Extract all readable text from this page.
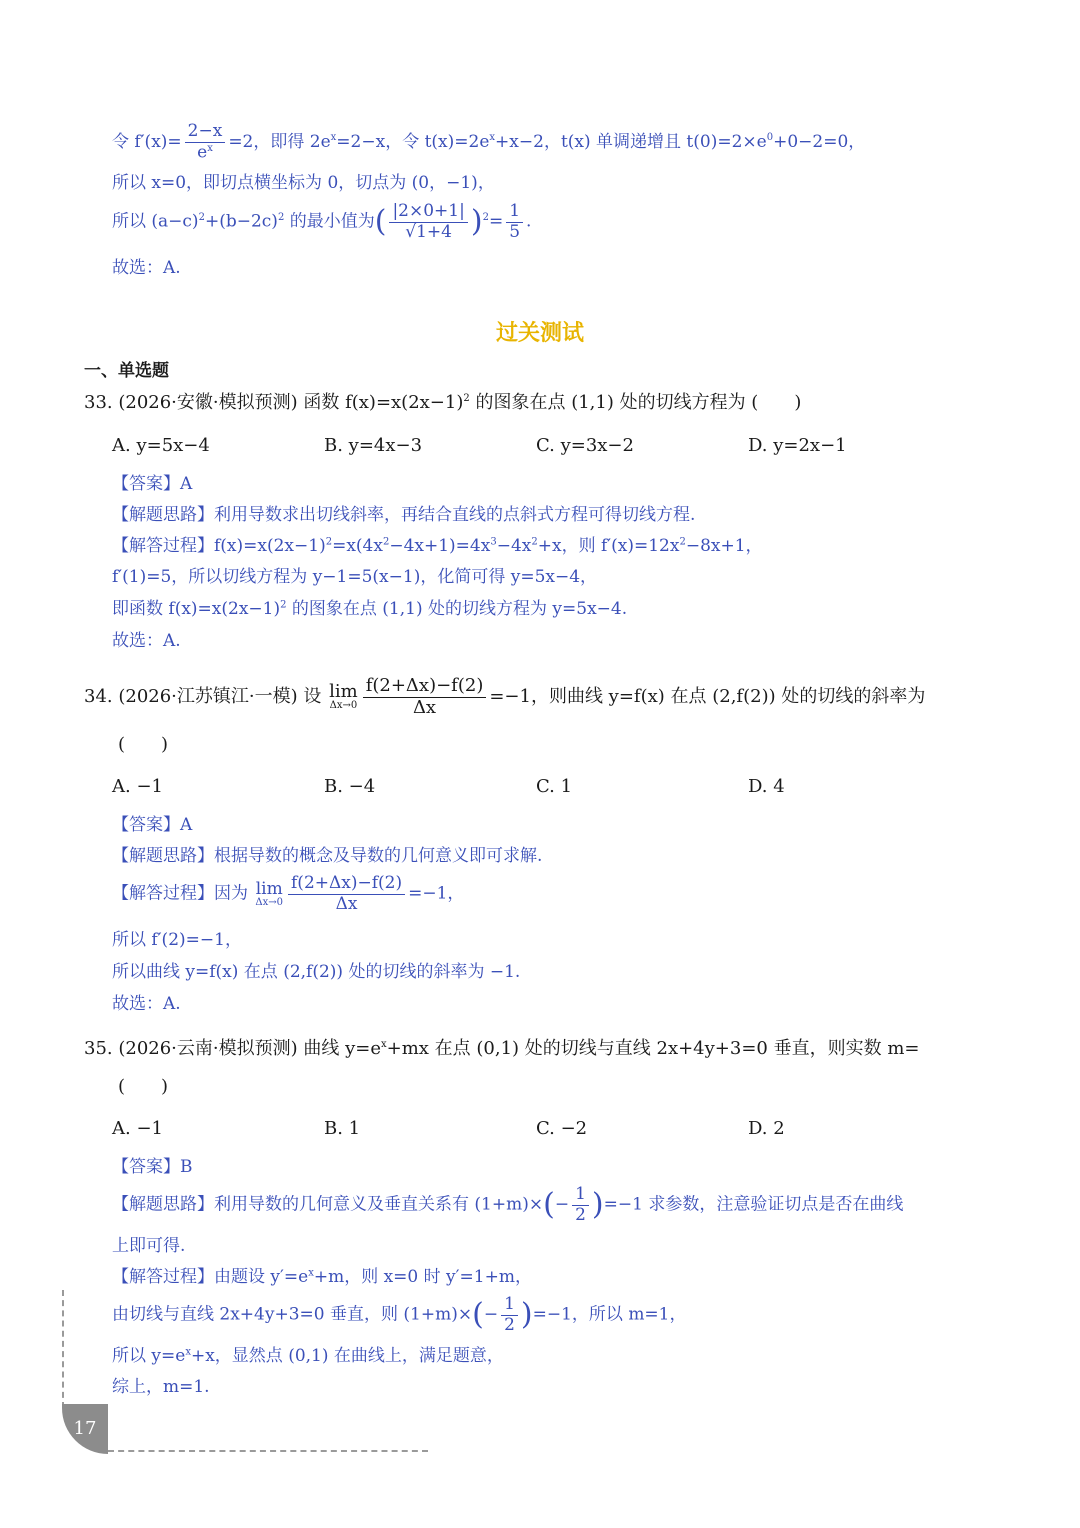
令 $f'(x)= \frac{2-x}{e^x} =2$，即得 $2e^x=2-x$，令 $t(x)=2e^x+x-2$，t(x) 单调递增且 $t(0)=2\times e^0+0-2=0$，
所以 x=0，即切点横坐标为 0，切点为 (0，−1)，
所以 $(a-c)^2+(b-2c)^2$ 的最小值为( $\frac{|2\times 0+1|}{√1+4} )^2= \frac{1}{5}$ .
故选：A.
过关测试
一、单选题
33. (2026·安徽·模拟预测) 函数 $f(x)=x(2x-1)^2$ 的图象在点 (1,1) 处的切线方程为 (　　)
A. y=5x−4	B. y=4x−3	C. y=3x−2	D. y=2x−1
【答案】A
【解题思路】利用导数求出切线斜率，再结合直线的点斜式方程可得切线方程.
【解答过程】$f(x)=x(2x-1)^2=x(4x^2-4x+1)=4x^3-4x^2+x$，则 $f'(x)=12x^2-8x+1$，
f′(1)=5，所以切线方程为 y−1=5(x−1)，化简可得 y=5x−4，
即函数 $f(x)=x(2x-1)^2$ 的图象在点 (1,1) 处的切线方程为 y=5x−4.
故选：A.
34. (2026·江苏镇江·一模) 设 lim
$\Delta x\to 0 \frac{f(2+\Delta x)-f(2)}{\Delta x} =-1$，则曲线 y=f(x) 在点 (2,f(2)) 处的切线的斜率为
(　　)
A. −1	B. −4	C. 1	D. 4
【答案】A
【解题思路】根据导数的概念及导数的几何意义即可求解.
【解答过程】因为 lim
$\Delta x\to 0 \frac{f(2+\Delta x)-f(2)}{\Delta x} =-1$，
所以 f′(2)=−1，
所以曲线 y=f(x) 在点 (2,f(2)) 处的切线的斜率为 −1.
故选：A.
35. (2026·云南·模拟预测) 曲线 $y=e^x+mx$ 在点 (0,1) 处的切线与直线 2x+4y+3=0 垂直，则实数 m=
(　　)
A. −1	B. 1	C. −2	D. 2
【答案】B
【解题思路】利用导数的几何意义及垂直关系有 $(1+m)\times(- \frac{1}{2} )=-1$ 求参数，注意验证切点是否在曲线
上即可得.
【解答过程】由题设 $y'=e^x+m$，则 x=0 时 y′=1+m，
由切线与直线 2x+4y+3=0 垂直，则 $(1+m)\times(- \frac{1}{2} )=-1$，所以 m=1，
所以 $y=e^x+x$，显然点 (0,1) 在曲线上，满足题意，
综上，m=1.
17
